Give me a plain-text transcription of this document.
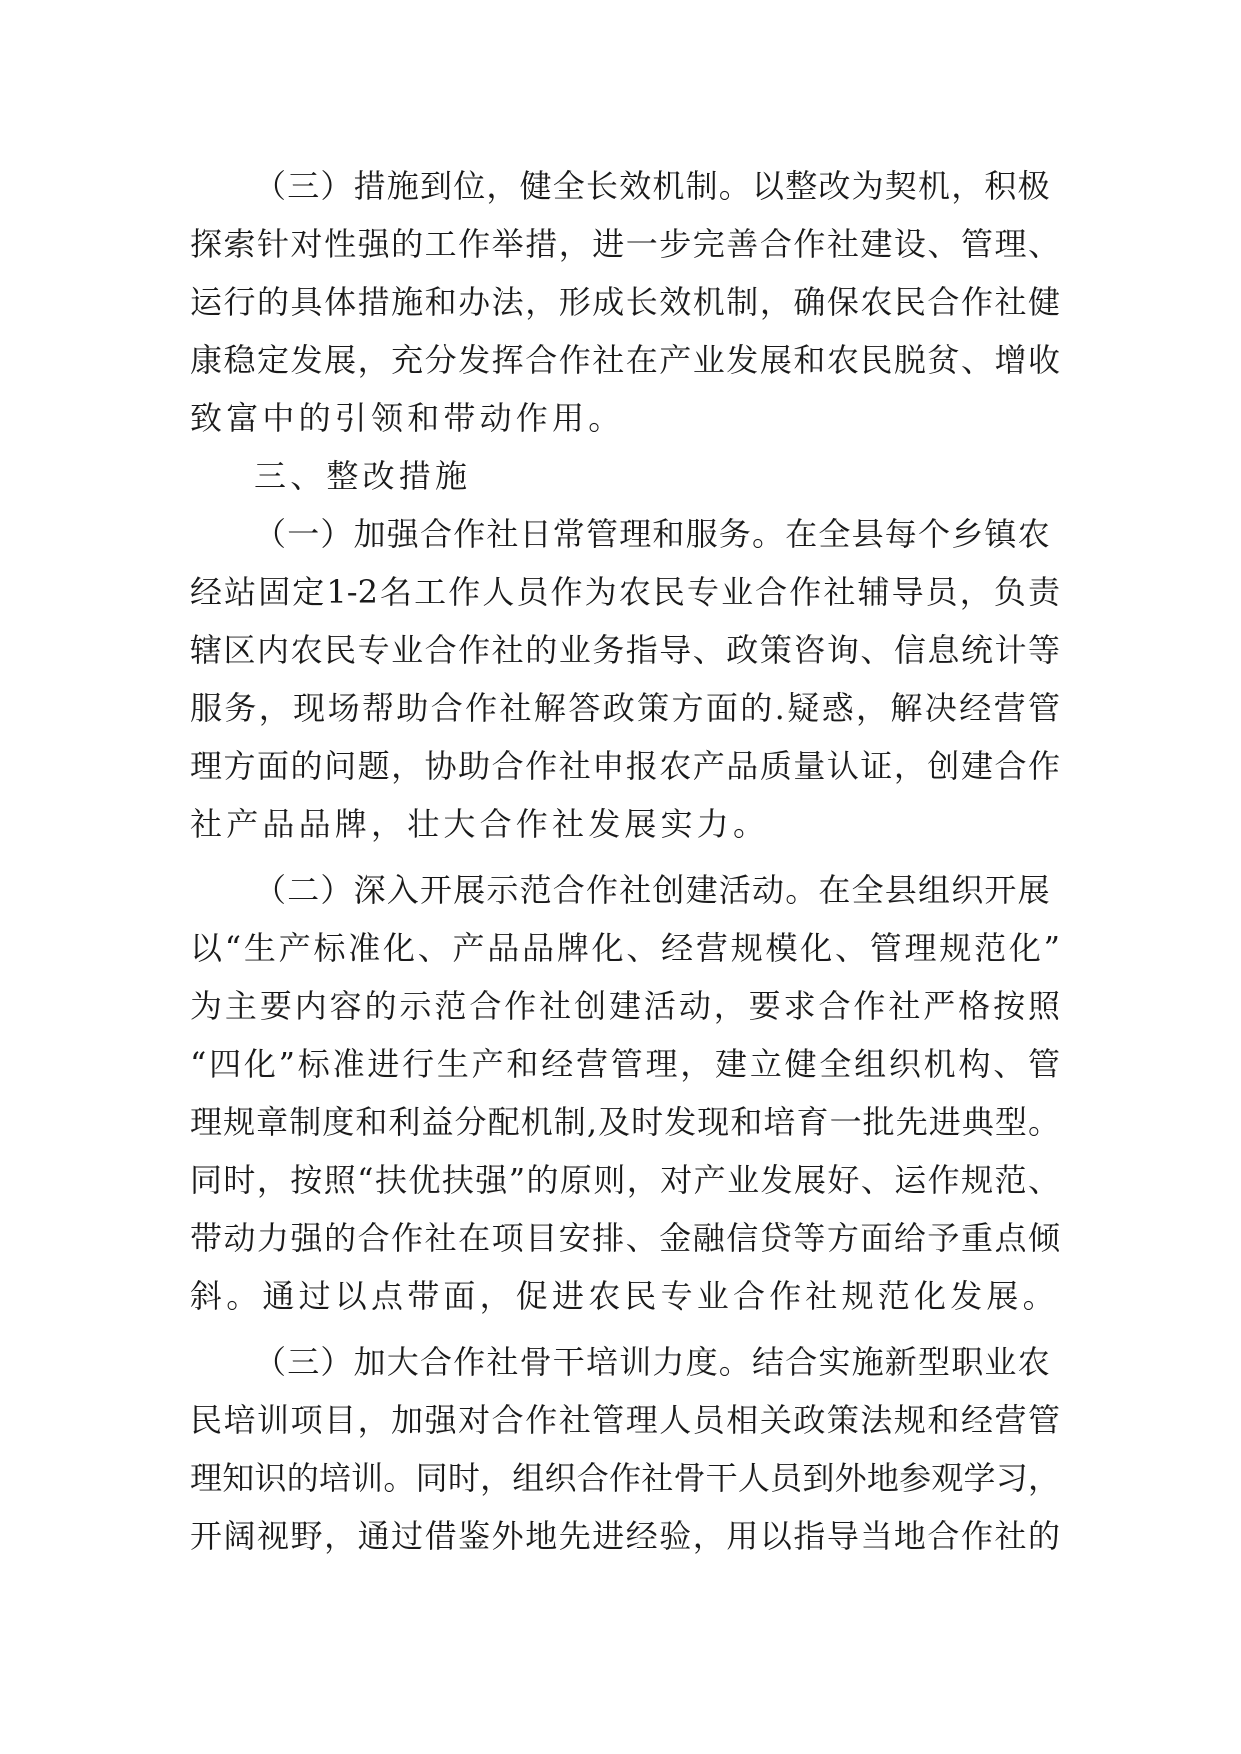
（三）措施到位，健全长效机制。以整改为契机，积极
探索针对性强的工作举措，进一步完善合作社建设、管理、
运行的具体措施和办法，形成长效机制，确保农民合作社健
康稳定发展，充分发挥合作社在产业发展和农民脱贫、增收
致富中的引领和带动作用。
三、整改措施
（一）加强合作社日常管理和服务。在全县每个乡镇农
经站固定1-2名工作人员作为农民专业合作社辅导员，负责
辖区内农民专业合作社的业务指导、政策咨询、信息统计等
服务，现场帮助合作社解答政策方面的.疑惑，解决经营管
理方面的问题，协助合作社申报农产品质量认证，创建合作
社产品品牌，壮大合作社发展实力。
（二）深入开展示范合作社创建活动。在全县组织开展
以“生产标准化、产品品牌化、经营规模化、管理规范化”
为主要内容的示范合作社创建活动，要求合作社严格按照
“四化”标准进行生产和经营管理，建立健全组织机构、管
理规章制度和利益分配机制,及时发现和培育一批先进典型。
同时，按照“扶优扶强”的原则，对产业发展好、运作规范、
带动力强的合作社在项目安排、金融信贷等方面给予重点倾
斜。通过以点带面，促进农民专业合作社规范化发展。
（三）加大合作社骨干培训力度。结合实施新型职业农
民培训项目，加强对合作社管理人员相关政策法规和经营管
理知识的培训。同时，组织合作社骨干人员到外地参观学习，
开阔视野，通过借鉴外地先进经验，用以指导当地合作社的
